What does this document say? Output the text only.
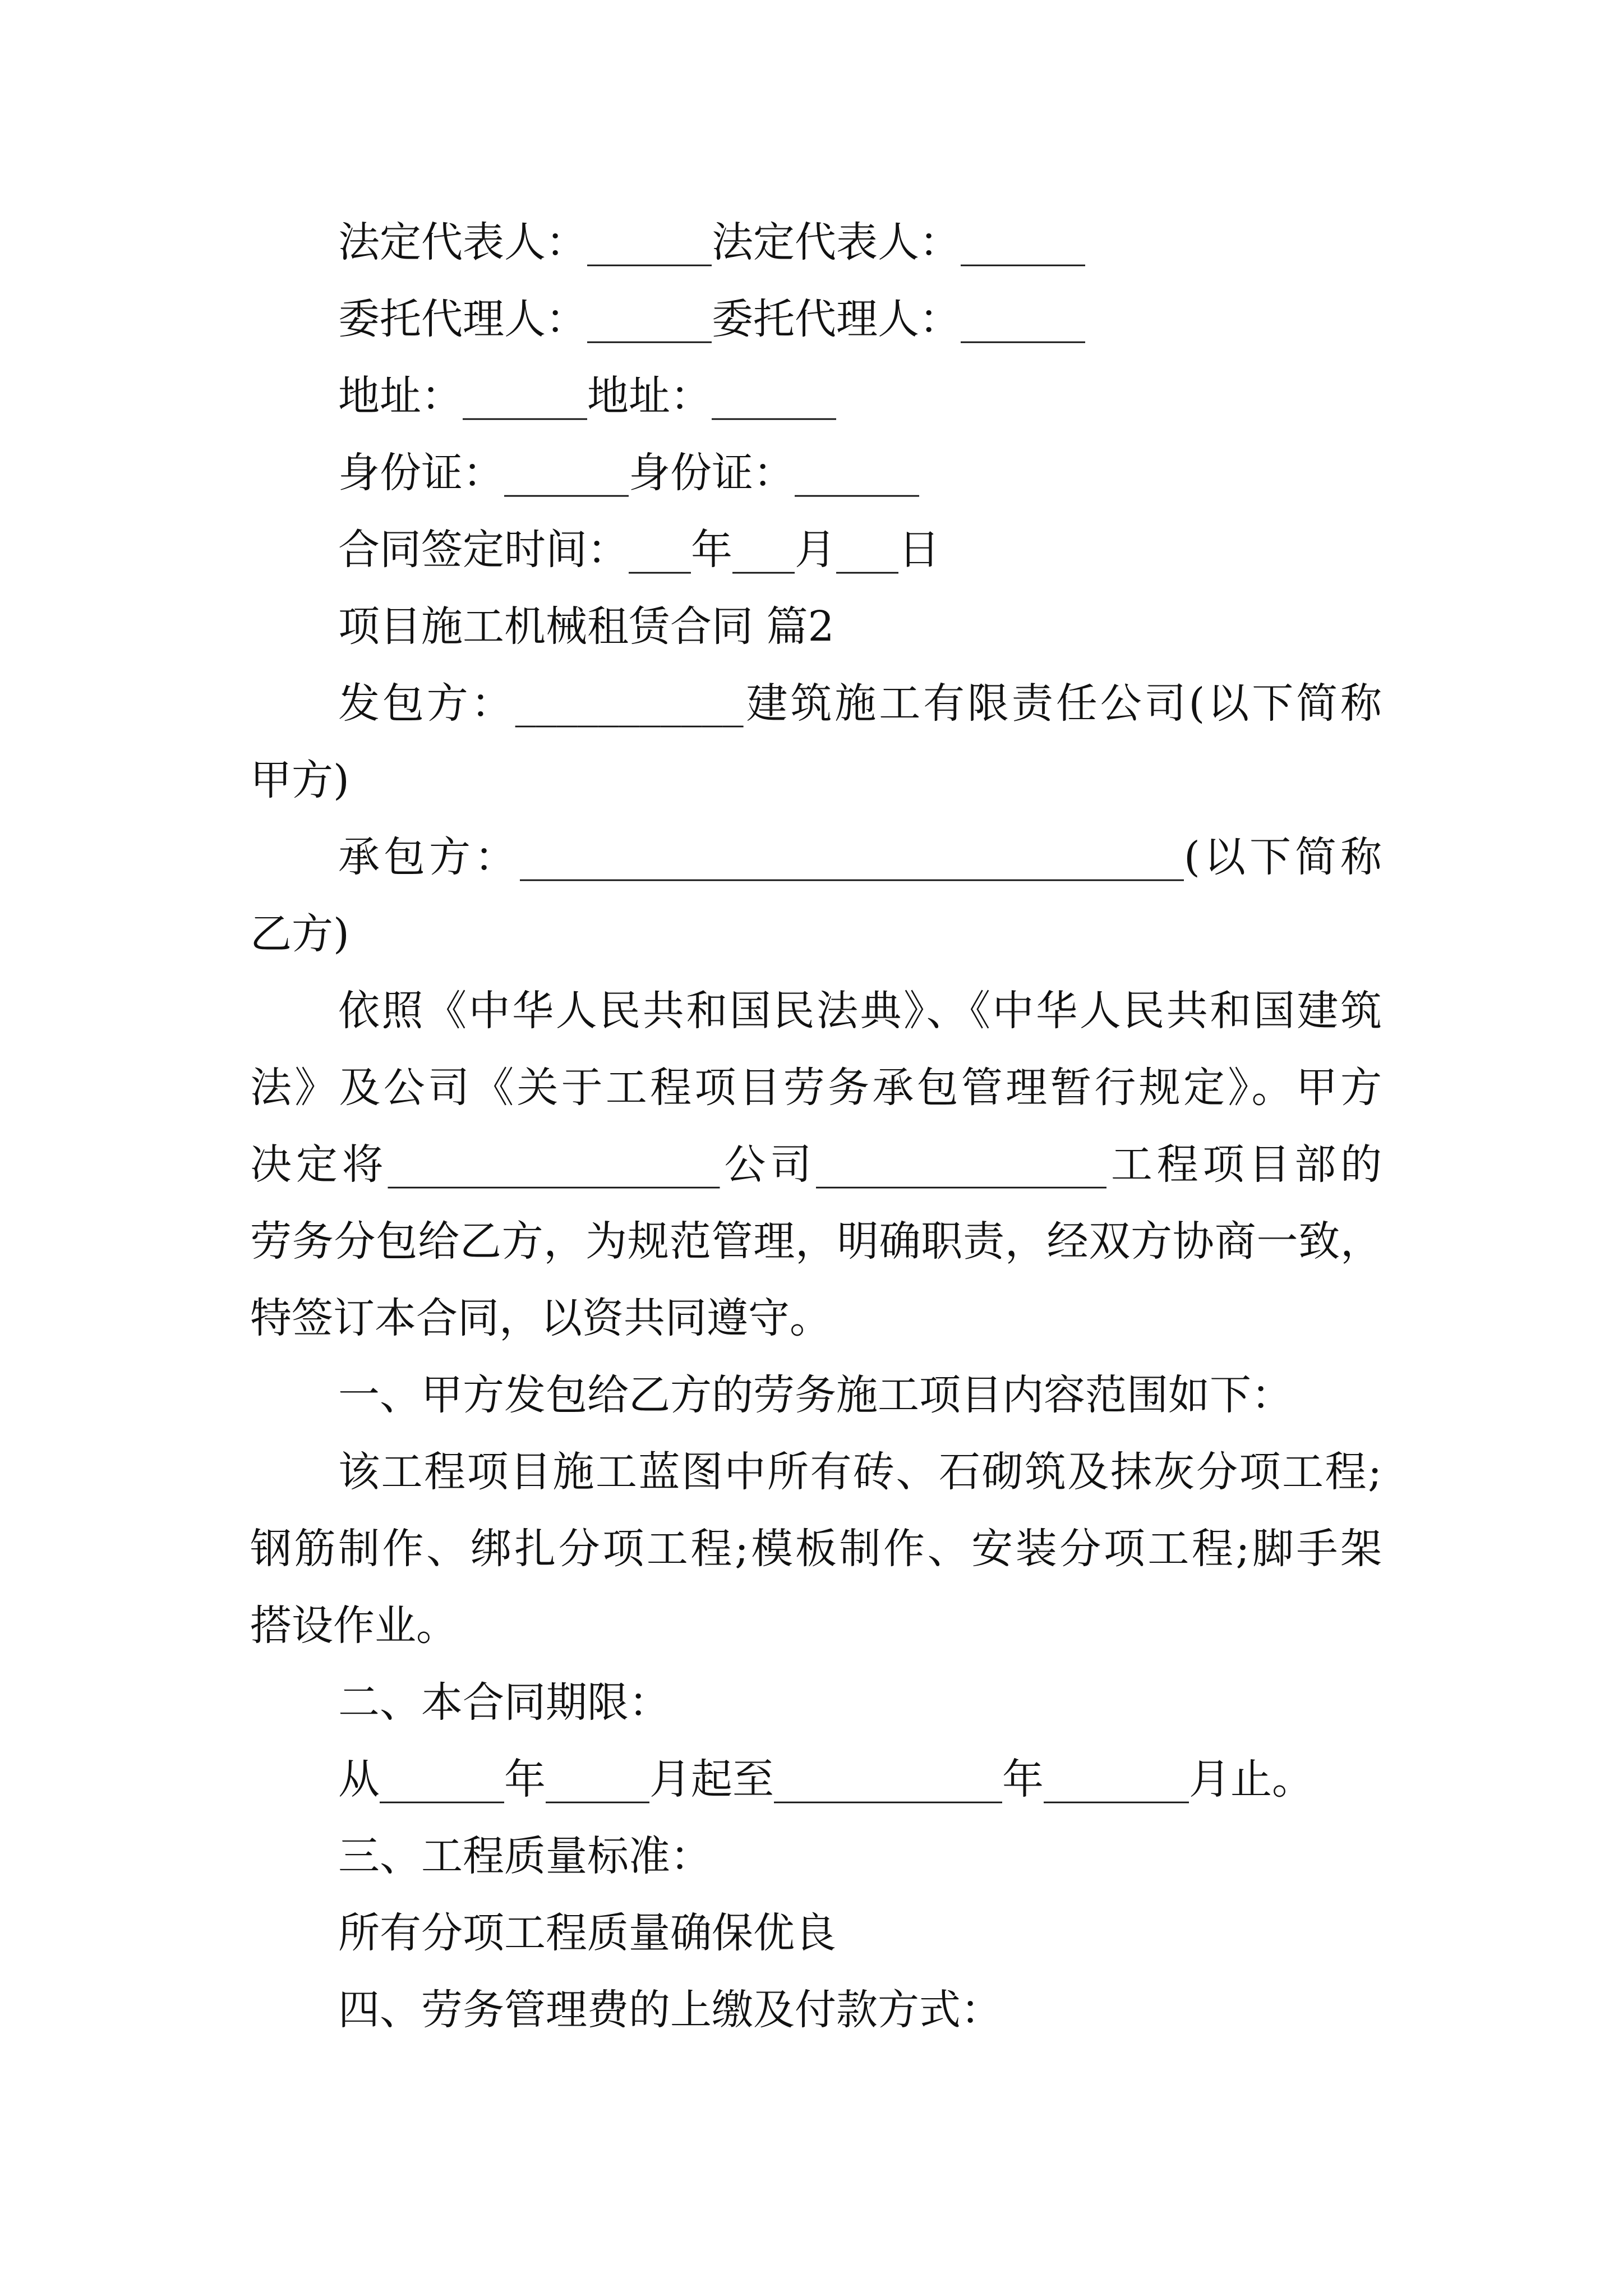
法定代表人：______法定代表人：______
委托代理人：______委托代理人：______
地址：______地址：______
身份证：______身份证：______
合同签定时间：___年___月___日
项目施工机械租赁合同 篇2
发包方：___________建筑施工有限责任公司(以下简称
甲方)
承包方：________________________________(以下简称
乙方)
依照《中华人民共和国民法典》、《中华人民共和国建筑
法》及公司《关于工程项目劳务承包管理暂行规定》。甲方
决定将________________公司______________工程项目部的
劳务分包给乙方，为规范管理，明确职责，经双方协商一致，
特签订本合同，以资共同遵守。
一、甲方发包给乙方的劳务施工项目内容范围如下：
该工程项目施工蓝图中所有砖、石砌筑及抹灰分项工程;
钢筋制作、绑扎分项工程;模板制作、安装分项工程;脚手架
搭设作业。
二、本合同期限：
从______年_____月起至___________年_______月止。
三、工程质量标准：
所有分项工程质量确保优良
四、劳务管理费的上缴及付款方式：
